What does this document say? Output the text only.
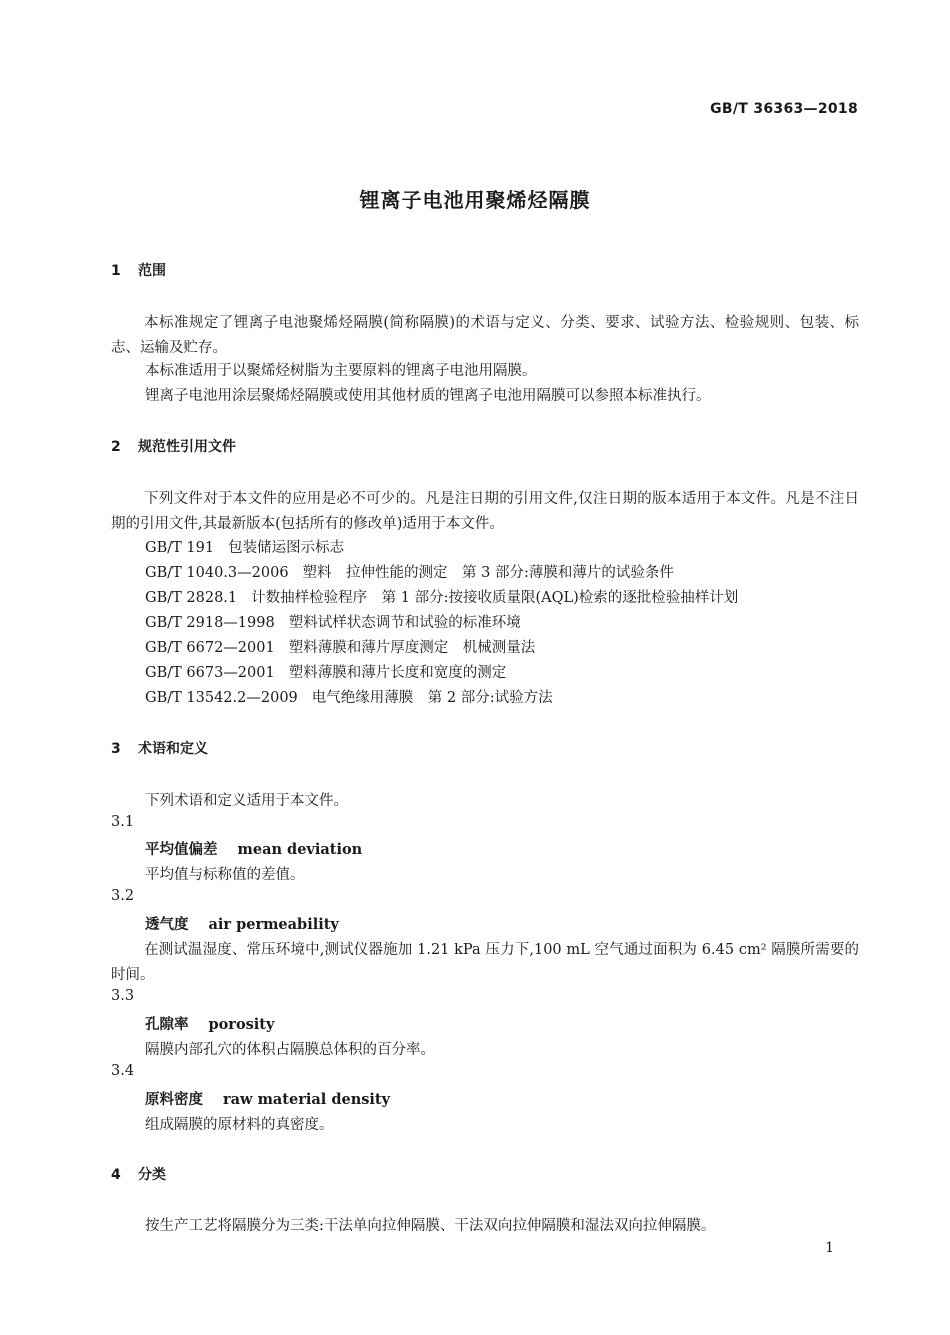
GB/T 36363—2018
锂离子电池用聚烯烃隔膜
1 范围
本标准规定了锂离子电池聚烯烃隔膜(简称隔膜)的术语与定义、分类、要求、试验方法、检验规则、包装、标志、运输及贮存。
本标准适用于以聚烯烃树脂为主要原料的锂离子电池用隔膜。
锂离子电池用涂层聚烯烃隔膜或使用其他材质的锂离子电池用隔膜可以参照本标准执行。
2 规范性引用文件
下列文件对于本文件的应用是必不可少的。凡是注日期的引用文件,仅注日期的版本适用于本文件。凡是不注日期的引用文件,其最新版本(包括所有的修改单)适用于本文件。
GB/T 191 包装储运图示标志
GB/T 1040.3—2006 塑料　拉伸性能的测定　第 3 部分:薄膜和薄片的试验条件
GB/T 2828.1 计数抽样检验程序　第 1 部分:按接收质量限(AQL)检索的逐批检验抽样计划
GB/T 2918—1998 塑料试样状态调节和试验的标准环境
GB/T 6672—2001 塑料薄膜和薄片厚度测定　机械测量法
GB/T 6673—2001 塑料薄膜和薄片长度和宽度的测定
GB/T 13542.2—2009 电气绝缘用薄膜　第 2 部分:试验方法
3 术语和定义
下列术语和定义适用于本文件。
3.1
平均值偏差 mean deviation
平均值与标称值的差值。
3.2
透气度 air permeability
在测试温湿度、常压环境中,测试仪器施加 1.21 kPa 压力下,100 mL 空气通过面积为 6.45 cm² 隔膜所需要的时间。
3.3
孔隙率 porosity
隔膜内部孔穴的体积占隔膜总体积的百分率。
3.4
原料密度 raw material density
组成隔膜的原材料的真密度。
4 分类
按生产工艺将隔膜分为三类:干法单向拉伸隔膜、干法双向拉伸隔膜和湿法双向拉伸隔膜。
1
